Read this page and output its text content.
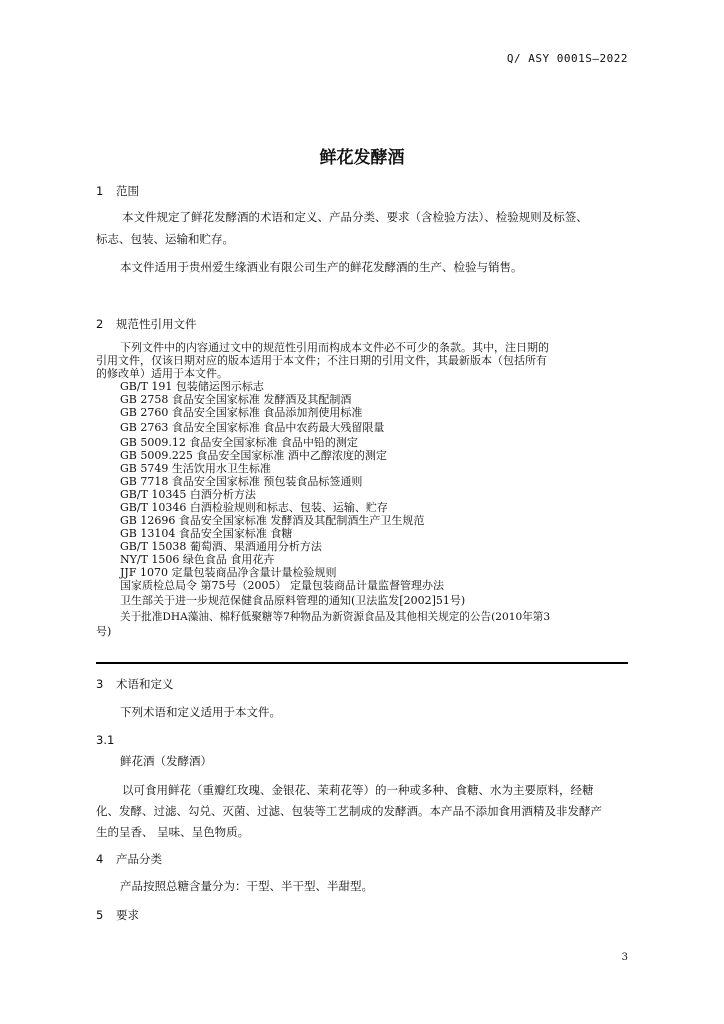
Q/ ASY 0001S—2022
鲜花发酵酒
1 范围
本文件规定了鲜花发酵酒的术语和定义、产品分类、要求（含检验方法）、检验规则及标签、
标志、包装、运输和贮存。
本文件适用于贵州爱生缘酒业有限公司生产的鲜花发酵酒的生产、检验与销售。
2 规范性引用文件
下列文件中的内容通过文中的规范性引用而构成本文件必不可少的条款。其中，注日期的
引用文件，仅该日期对应的版本适用于本文件；不注日期的引用文件，其最新版本（包括所有
的修改单）适用于本文件。
GB/T 191 包装储运图示标志
GB 2758 食品安全国家标准 发酵酒及其配制酒
GB 2760 食品安全国家标准 食品添加剂使用标准
GB 2763 食品安全国家标准 食品中农药最大残留限量
GB 5009.12 食品安全国家标准 食品中铅的测定
GB 5009.225 食品安全国家标准 酒中乙醇浓度的测定
GB 5749 生活饮用水卫生标准
GB 7718 食品安全国家标准 预包装食品标签通则
GB/T 10345 白酒分析方法
GB/T 10346 白酒检验规则和标志、包装、运输、贮存
GB 12696 食品安全国家标准 发酵酒及其配制酒生产卫生规范
GB 13104 食品安全国家标准 食糖
GB/T 15038 葡萄酒、果酒通用分析方法
NY/T 1506 绿色食品 食用花卉
JJF 1070 定量包装商品净含量计量检验规则
国家质检总局令 第75号（2005） 定量包装商品计量监督管理办法
卫生部关于进一步规范保健食品原料管理的通知(卫法监发[2002]51号)
关于批准DHA藻油、棉籽低聚糖等7种物品为新资源食品及其他相关规定的公告(2010年第3
号)
3 术语和定义
下列术语和定义适用于本文件。
3.1
鲜花酒（发酵酒）
以可食用鲜花（重瓣红玫瑰、金银花、茉莉花等）的一种或多种、食糖、水为主要原料，经糖
化、发酵、过滤、勾兑、灭菌、过滤、包装等工艺制成的发酵酒。本产品不添加食用酒精及非发酵产
生的呈香、 呈味、呈色物质。
4 产品分类
产品按照总糖含量分为：干型、半干型、半甜型。
5 要求
3
